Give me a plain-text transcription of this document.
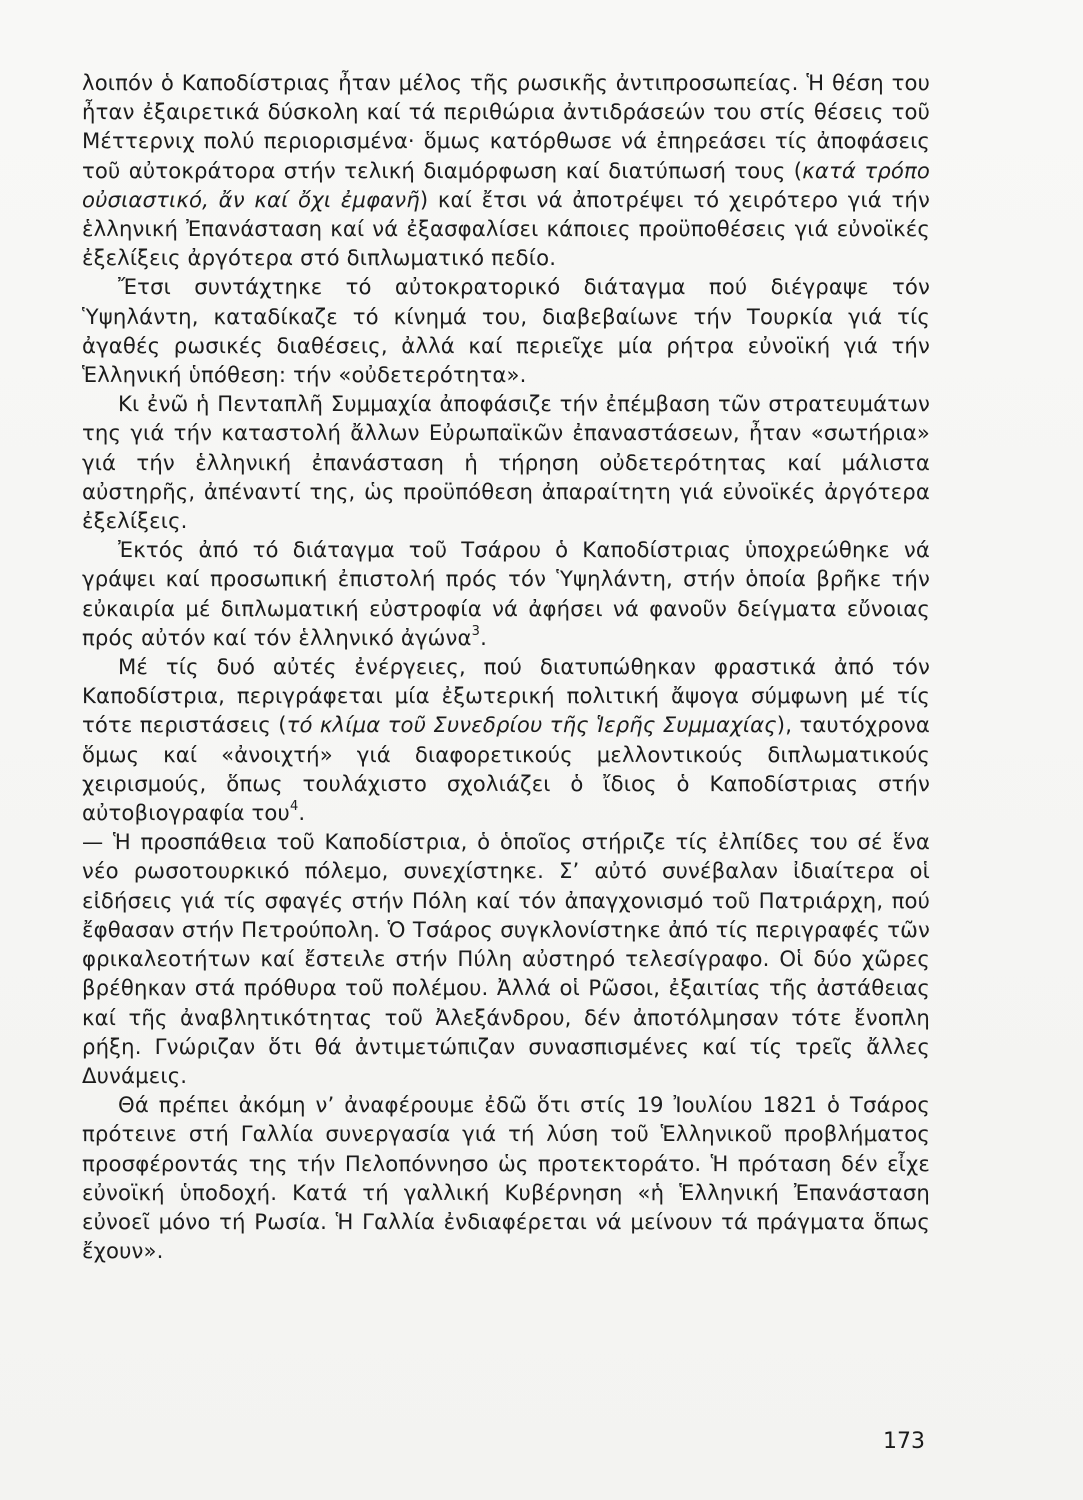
λοιπόν ὁ Καποδίστριας ἦταν μέλος τῆς ρωσικῆς ἀντιπροσωπείας. Ἡ θέση του ἦταν ἐξαιρετικά δύσκολη καί τά περιθώρια ἀντιδράσεών του στίς θέσεις τοῦ Μέττερνιχ πολύ περιορισμένα· ὅμως κατόρθωσε νά ἐπηρεάσει τίς ἀποφάσεις τοῦ αὐτοκράτορα στήν τελική διαμόρφωση καί διατύπωσή τους (κατά τρόπο οὐσιαστικό, ἄν καί ὄχι ἐμφανῆ) καί ἔτσι νά ἀποτρέψει τό χειρότερο γιά τήν ἑλληνική Ἐπανάσταση καί νά ἐξασφαλίσει κάποιες προϋποθέσεις γιά εὐνοϊκές ἐξελίξεις ἀργότερα στό διπλωματικό πεδίο.

Ἔτσι συντάχτηκε τό αὐτοκρατορικό διάταγμα πού διέγραψε τόν Ὑψηλάντη, καταδίκαζε τό κίνημά του, διαβεβαίωνε τήν Τουρκία γιά τίς ἀγαθές ρωσικές διαθέσεις, ἀλλά καί περιεῖχε μία ρήτρα εὐνοϊκή γιά τήν Ἑλληνική ὑπόθεση: τήν «οὐδετερότητα».

Κι ἐνῶ ἡ Πενταπλῆ Συμμαχία ἀποφάσιζε τήν ἐπέμβαση τῶν στρατευμάτων της γιά τήν καταστολή ἄλλων Εὐρωπαϊκῶν ἐπαναστάσεων, ἦταν «σωτήρια» γιά τήν ἑλληνική ἐπανάσταση ἡ τήρηση οὐδετερότητας καί μάλιστα αὐστηρῆς, ἀπέναντί της, ὡς προϋπόθεση ἀπαραίτητη γιά εὐνοϊκές ἀργότερα ἐξελίξεις.

Ἐκτός ἀπό τό διάταγμα τοῦ Τσάρου ὁ Καποδίστριας ὑποχρεώθηκε νά γράψει καί προσωπική ἐπιστολή πρός τόν Ὑψηλάντη, στήν ὁποία βρῆκε τήν εὐκαιρία μέ διπλωματική εὐστροφία νά ἀφήσει νά φανοῦν δείγματα εὔνοιας πρός αὐτόν καί τόν ἑλληνικό ἀγώνα$^3$.

Μέ τίς δυό αὐτές ἐνέργειες, πού διατυπώθηκαν φραστικά ἀπό τόν Καποδίστρια, περιγράφεται μία ἐξωτερική πολιτική ἄψογα σύμφωνη μέ τίς τότε περιστάσεις (τό κλίμα τοῦ Συνεδρίου τῆς Ἱερῆς Συμμαχίας), ταυτόχρονα ὅμως καί «ἀνοιχτή» γιά διαφορετικούς μελλοντικούς διπλωματικούς χειρισμούς, ὅπως τουλάχιστο σχολιάζει ὁ ἴδιος ὁ Καποδίστριας στήν αὐτοβιογραφία του$^4$.

— Ἡ προσπάθεια τοῦ Καποδίστρια, ὁ ὁποῖος στήριζε τίς ἐλπίδες του σέ ἕνα νέο ρωσοτουρκικό πόλεμο, συνεχίστηκε. Σ’ αὐτό συνέβαλαν ἰδιαίτερα οἱ εἰδήσεις γιά τίς σφαγές στήν Πόλη καί τόν ἀπαγχονισμό τοῦ Πατριάρχη, πού ἔφθασαν στήν Πετρούπολη. Ὁ Τσάρος συγκλονίστηκε ἀπό τίς περιγραφές τῶν φρικαλεοτήτων καί ἔστειλε στήν Πύλη αὐστηρό τελεσίγραφο. Οἱ δύο χῶρες βρέθηκαν στά πρόθυρα τοῦ πολέμου. Ἀλλά οἱ Ρῶσοι, ἐξαιτίας τῆς ἀστάθειας καί τῆς ἀναβλητικότητας τοῦ Ἀλεξάνδρου, δέν ἀποτόλμησαν τότε ἔνοπλη ρήξη. Γνώριζαν ὅτι θά ἀντιμετώπιζαν συνασπισμένες καί τίς τρεῖς ἄλλες Δυνάμεις.

Θά πρέπει ἀκόμη ν’ ἀναφέρουμε ἐδῶ ὅτι στίς 19 Ἰουλίου 1821 ὁ Τσάρος πρότεινε στή Γαλλία συνεργασία γιά τή λύση τοῦ Ἑλληνικοῦ προβλήματος προσφέροντάς της τήν Πελοπόννησο ὡς προτεκτοράτο. Ἡ πρόταση δέν εἶχε εὐνοϊκή ὑποδοχή. Κατά τή γαλλική Κυβέρνηση «ἡ Ἑλληνική Ἐπανάσταση εὐνοεῖ μόνο τή Ρωσία. Ἡ Γαλλία ἐνδιαφέρεται νά μείνουν τά πράγματα ὅπως ἔχουν».

173
